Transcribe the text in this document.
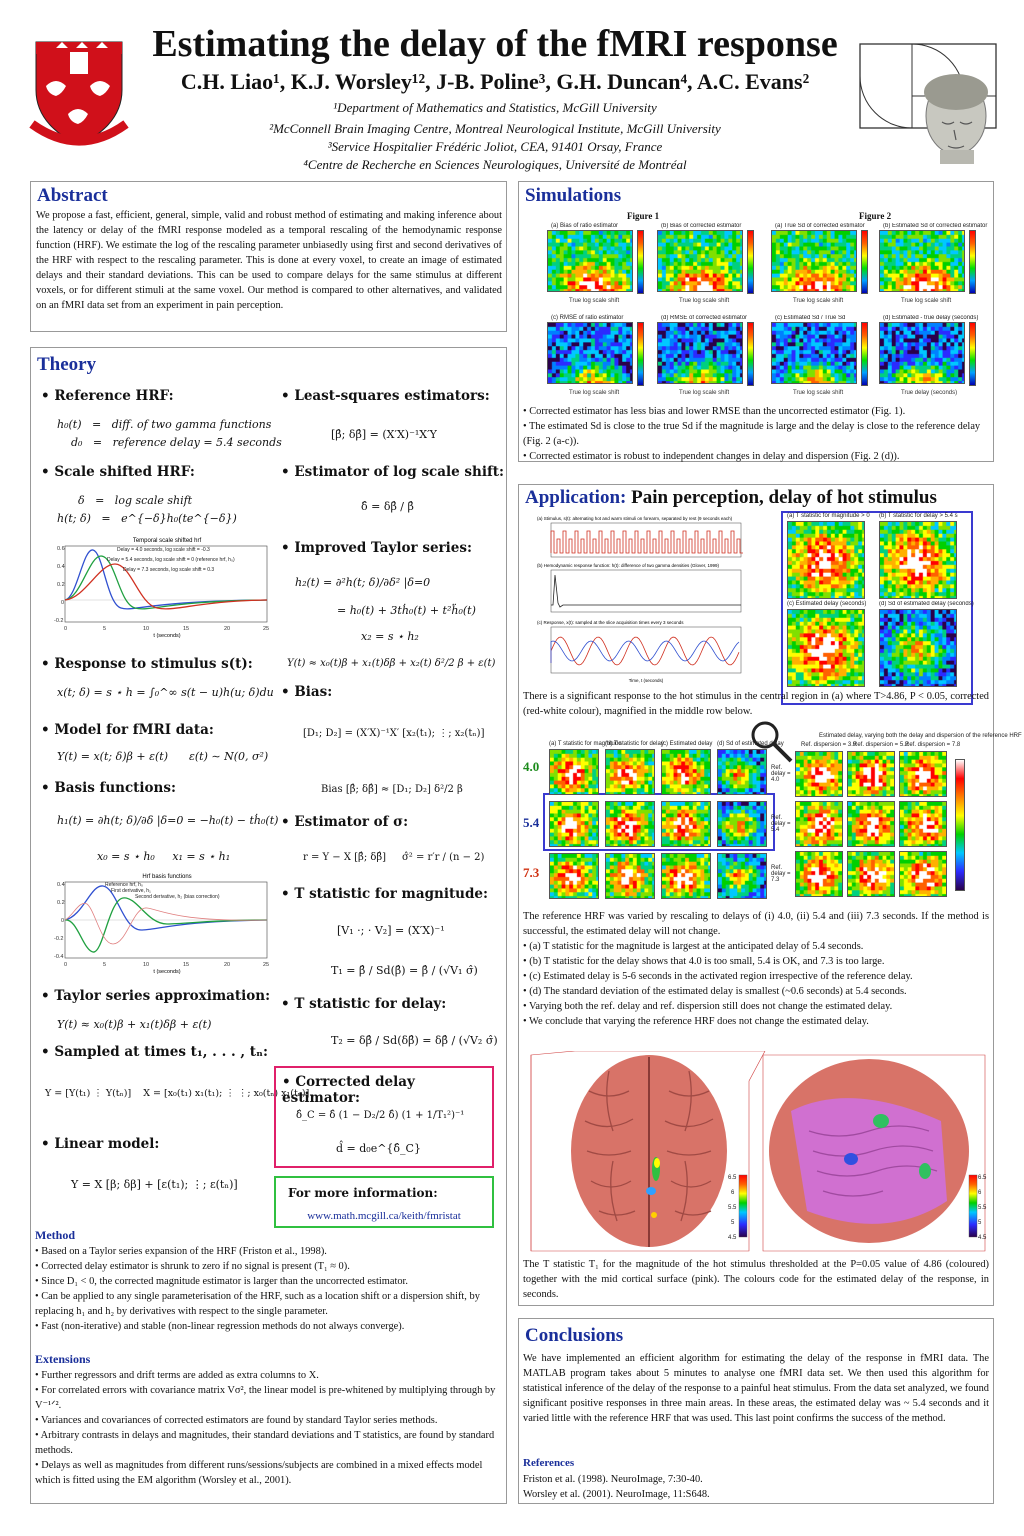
Estimating the delay of the fMRI response
C.H. Liao¹, K.J. Worsley¹², J-B. Poline³, G.H. Duncan⁴, A.C. Evans²
¹Department of Mathematics and Statistics, McGill University
²McConnell Brain Imaging Centre, Montreal Neurological Institute, McGill University
³Service Hospitalier Frédéric Joliot, CEA, 91401 Orsay, France
⁴Centre de Recherche en Sciences Neurologiques, Université de Montréal
Abstract
We propose a fast, efficient, general, simple, valid and robust method of estimating and making inference about the latency or delay of the fMRI response modeled as a temporal rescaling of the hemodynamic response function (HRF). We estimate the log of the rescaling parameter unbiasedly using first and second derivatives of the HRF with respect to the rescaling parameter. This is done at every voxel, to create an image of estimated delays and their standard deviations. This can be used to compare delays for the same stimulus at different voxels, or for different stimuli at the same voxel. Our method is compared to other alternatives, and validated on an fMRI data set from an experiment in pain perception.
Theory
• Reference HRF:
h₀(t)   =   diff. of two gamma functions
d₀   =   reference delay = 5.4 seconds
• Scale shifted HRF:
δ   =   log scale shift
h(t; δ)   =   e^{−δ}h₀(te^{−δ})
Temporal scale shifted hrf
0.6
0.4
0.2
0
-0.2
0	5	10	15	20	25
t (seconds)
Delay = 4.0 seconds, log scale shift = -0.3
Delay = 5.4 seconds, log scale shift = 0 (reference hrf, h₀)
Delay = 7.3 seconds, log scale shift = 0.3
• Response to stimulus s(t):
x(t; δ) = s ⋆ h = ∫₀^∞ s(t − u)h(u; δ)du
• Model for fMRI data:
Y(t) = x(t; δ)β + ε(t)      ε(t) ∼ N(0, σ²)
• Basis functions:
h₁(t) = ∂h(t; δ)/∂δ |δ=0 = −h₀(t) − tḣ₀(t)
x₀ = s ⋆ h₀     x₁ = s ⋆ h₁
Hrf basis functions
0.4
0.2
0
-0.2
-0.4
0	5	10	15	20	25
t (seconds)
Reference hrf, h₀
First derivative, h₁
Second derivative, h₂ (bias correction)
• Taylor series approximation:
Y(t) ≈ x₀(t)β + x₁(t)δβ + ε(t)
• Sampled at times t₁, . . . , tₙ:
Y = [Y(t₁) ⋮ Y(tₙ)]    X = [x₀(t₁) x₁(t₁); ⋮ ⋮; x₀(tₙ) x₁(tₙ)]
• Linear model:
Y = X [β; δβ] + [ε(t₁); ⋮; ε(tₙ)]
• Least-squares estimators:
[β̂; δβ̂] = (X′X)⁻¹X′Y
• Estimator of log scale shift:
δ̂ = δβ̂ / β̂
• Improved Taylor series:
h₂(t) = ∂²h(t; δ)/∂δ² |δ=0
= h₀(t) + 3tḣ₀(t) + t²ḧ₀(t)
x₂ = s ⋆ h₂
Y(t) ≈ x₀(t)β + x₁(t)δβ + x₂(t) δ²/2 β + ε(t)
• Bias:
[D₁; D₂] = (X′X)⁻¹X′ [x₂(t₁); ⋮; x₂(tₙ)]
Bias [β̂; δβ̂] ≈ [D₁; D₂] δ²/2 β
• Estimator of σ:
r = Y − X [β̂; δβ̂]     σ̂² = r′r / (n − 2)
• T statistic for magnitude:
[V₁ ·; · V₂] = (X′X)⁻¹
T₁ = β̂ / Sd(β̂) = β̂ / (√V₁ σ̂)
• T statistic for delay:
T₂ = δβ̂ / Sd(δβ̂) = δβ̂ / (√V₂ σ̂)
• Corrected delay estimator:
δ̂_C = δ̂ (1 − D₂/2 δ̂) (1 + 1/T₁²)⁻¹
d̂ = d₀e^{δ̂_C}
For more information:
www.math.mcgill.ca/keith/fmristat
Method
• Based on a Taylor series expansion of the HRF (Friston et al., 1998).
• Corrected delay estimator is shrunk to zero if no signal is present (T₁ ≈ 0).
• Since D₁ < 0, the corrected magnitude estimator is larger than the uncorrected estimator.
• Can be applied to any single parameterisation of the HRF, such as a location shift or a dispersion shift, by replacing h₁ and h₂ by derivatives with respect to the single parameter.
• Fast (non-iterative) and stable (non-linear regression methods do not always converge).
Extensions
• Further regressors and drift terms are added as extra columns to X.
• For correlated errors with covariance matrix Vσ², the linear model is pre-whitened by multiplying through by V⁻¹ᐟ².
• Variances and covariances of corrected estimators are found by standard Taylor series methods.
• Arbitrary contrasts in delays and magnitudes, their standard deviations and T statistics, are found by standard methods.
• Delays as well as magnitudes from different runs/sessions/subjects are combined in a mixed effects model which is fitted using the EM algorithm (Worsley et al., 2001).
Simulations
Figure 1	Figure 2
• Corrected estimator has less bias and lower RMSE than the uncorrected estimator (Fig. 1).
• The estimated Sd is close to the true Sd if the magnitude is large and the delay is close to the reference delay (Fig. 2 (a-c)).
• Corrected estimator is robust to independent changes in delay and dispersion (Fig. 2 (d)).
(a) Bias of ratio estimator
True log scale shift
(b) Bias of corrected estimator
True log scale shift
(a) True Sd of corrected estimator
True log scale shift
(b) Estimated Sd of corrected estimator
True log scale shift
(c) RMSE of ratio estimator
True log scale shift
(d) RMSE of corrected estimator
True log scale shift
(c) Estimated Sd / True Sd
True log scale shift
(d) Estimated - true delay (seconds)
True delay (seconds)
Application: Pain perception, delay of hot stimulus
(a) Stimulus, s(t): alternating hot and warm stimuli on forearm, separated by rest (9 seconds each)
(b) Hemodynamic response function: h(t): difference of two gamma densities (Glover, 1999)
(c) Response, x(t): sampled at the slice acquisition times every 3 seconds
Time, t (seconds)
There is a significant response to the hot stimulus in the central region in (a) where T>4.86, P < 0.05, corrected (red-white colour), magnified in the middle row below.
4.0
5.4
7.3
The reference HRF was varied by rescaling to delays of (i) 4.0, (ii) 5.4 and (iii) 7.3 seconds. If the method is successful, the estimated delay will not change.
• (a) T statistic for the magnitude is largest at the anticipated delay of 5.4 seconds.
• (b) T statistic for the delay shows that 4.0 is too small, 5.4 is OK, and 7.3 is too large.
• (c) Estimated delay is 5-6 seconds in the activated region irrespective of the reference delay.
• (d) The standard deviation of the estimated delay is smallest (~0.6 seconds) at 5.4 seconds.
• Varying both the ref. delay and ref. dispersion still does not change the estimated delay.
• We conclude that varying the reference HRF does not change the estimated delay.
6.5
6
5.5
5
4.5
6.5
6
5.5
5
4.5
The T statistic T₁ for the magnitude of the hot stimulus thresholded at the P=0.05 value of 4.86 (coloured) together with the mid cortical surface (pink). The colours code for the estimated delay of the response, in seconds.
(a) T statistic for magnitude > 0 (b) T statistic for delay > 5.4 s
(c) Estimated delay (seconds) (d) Sd of estimated delay (seconds)
(a) T statistic for magnitude
(b) T statistic for delay
(c) Estimated delay (d) Sd of estimated delay
Estimated delay, varying both the delay and dispersion of the reference HRF
Ref. dispersion = 3.9
Ref. dispersion = 5.2
Ref. dispersion = 7.8
Ref. delay = 4.0
Ref. delay = 5.4
Ref. delay = 7.3
Conclusions
We have implemented an efficient algorithm for estimating the delay of the response in fMRI data. The MATLAB program takes about 5 minutes to analyse one fMRI data set. We then used this algorithm for statistical inference of the delay of the response to a painful heat stimulus. From the data set analyzed, we found significant positive responses in three main areas. In these areas, the estimated delay was ~ 5.4 seconds and it varied little with the reference HRF that was used. This last point confirms the success of the method.
References
Friston et al. (1998). NeuroImage, 7:30-40.
Worsley et al. (2001). NeuroImage, 11:S648.
